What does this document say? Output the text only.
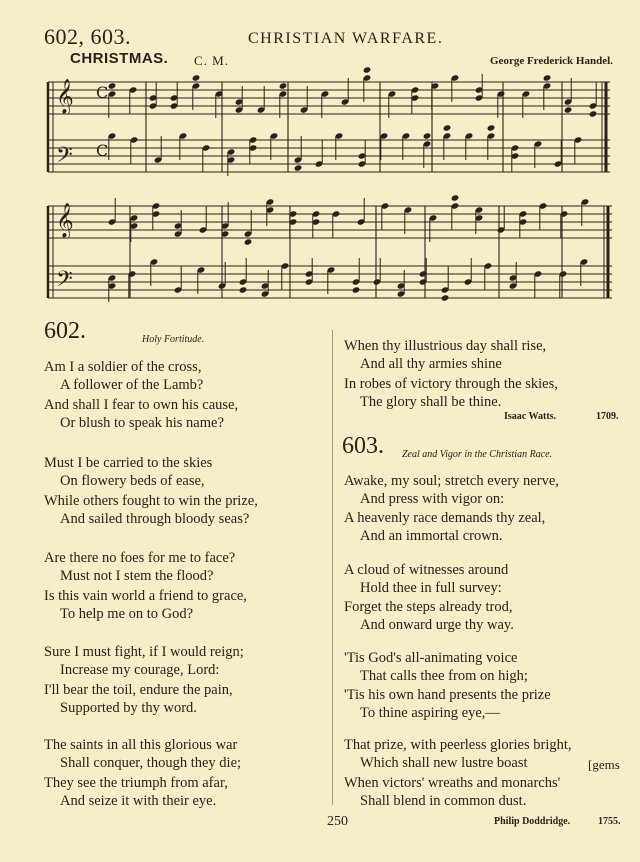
602, 603.	CHRISTIAN WARFARE.
CHRISTMAS. C. M.	George Frederick Handel.
𝄞
𝄢
𝄞
𝄢
C
C
602.	Holy Fortitude.
Am I a soldier of the cross,
A follower of the Lamb?
And shall I fear to own his cause,
Or blush to speak his name?
Must I be carried to the skies
On flowery beds of ease,
While others fought to win the prize,
And sailed through bloody seas?
Are there no foes for me to face?
Must not I stem the flood?
Is this vain world a friend to grace,
To help me on to God?
Sure I must fight, if I would reign;
Increase my courage, Lord:
I'll bear the toil, endure the pain,
Supported by thy word.
The saints in all this glorious war
Shall conquer, though they die;
They see the triumph from afar,
And seize it with their eye.
When thy illustrious day shall rise,
And all thy armies shine
In robes of victory through the skies,
The glory shall be thine.
Isaac Watts.	1709.
603. Zeal and Vigor in the Christian Race.
Awake, my soul; stretch every nerve,
And press with vigor on:
A heavenly race demands thy zeal,
And an immortal crown.
A cloud of witnesses around
Hold thee in full survey:
Forget the steps already trod,
And onward urge thy way.
'Tis God's all-animating voice
That calls thee from on high;
'Tis his own hand presents the prize
To thine aspiring eye,—
That prize, with peerless glories bright,
Which shall new lustre boast	[gems
When victors' wreaths and monarchs'
Shall blend in common dust.
250	Philip Doddridge.	1755.
